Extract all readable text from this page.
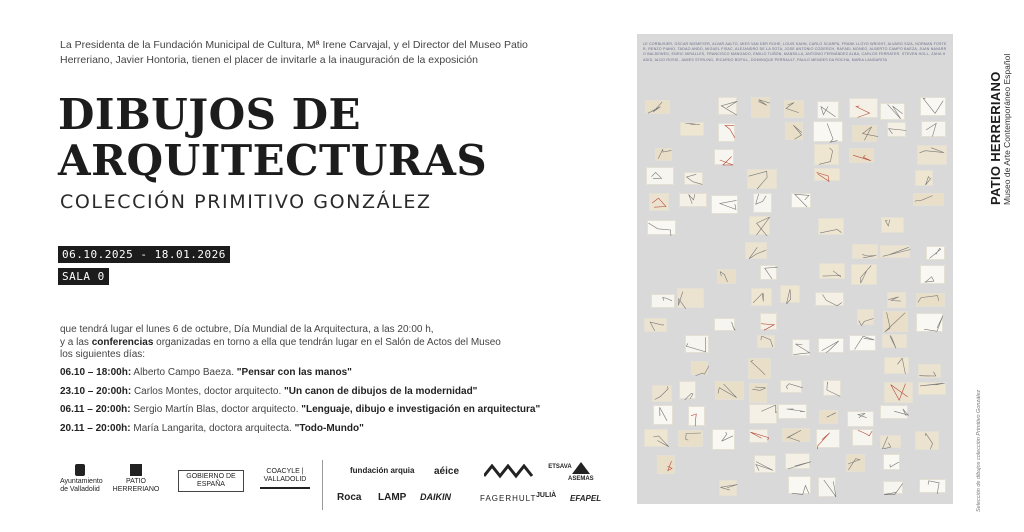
La Presidenta de la Fundación Municipal de Cultura, Mª Irene Carvajal, y el Director del Museo Patio Herreriano, Javier Hontoria, tienen el placer de invitarle a la inauguración de la exposición
DIBUJOS DE
ARQUITECTURAS
COLECCIÓN PRIMITIVO GONZÁLEZ
06.10.2025 - 18.01.2026
SALA 0
que tendrá lugar el lunes 6 de octubre, Día Mundial de la Arquitectura, a las 20:00 h,
y a las conferencias organizadas en torno a ella que tendrán lugar en el Salón de Actos del Museo
los siguientes días:
06.10 – 18:00h: Alberto Campo Baeza. "Pensar con las manos"
23.10 – 20:00h: Carlos Montes, doctor arquitecto. "Un canon de dibujos de la modernidad"
06.11 – 20:00h: Sergio Martín Blas, doctor arquitecto. "Lenguaje, dibujo e investigación en arquitectura"
20.11 – 20:00h: María Langarita, doctora arquitecta. "Todo-Mundo"
Ayuntamiento de Valladolid
PATIO HERRERIANO
GOBIERNO DE ESPAÑA
COACYLE | VALLADOLID
fundación arquia aéice	$^{ETSAVA}$
ASEMAS
Roca LAMP DAIKIN	FAGERHULT JULIÀ EFAPEL
LE CORBUSIER, OSCAR NIEMEYER, ALVAR AALTO, MIES VAN DER ROHE, LOUIS KAHN, CARLO SCARPA, FRANK LLOYD WRIGHT, ALVARO SIZA, NORMAN FOSTER, RENZO PIANO, TADAO ANDO, MIGUEL FISAC, ALEJANDRO DE LA SOTA, JOSE ANTONIO CODERCH, RAFAEL MONEO, ALBERTO CAMPO BAEZA, JUAN NAVARRO BALDEWEG, ENRIC MIRALLES, FRANCISCO MANGADO, EMILIO TUÑÓN, MANSILLA, ANTONIO FERNÁNDEZ ALBA, CARLOS FERRATER, STEVEN HOLL, ZAHA HADID, ALDO ROSSI, JAMES STIRLING, RICARDO BOFILL, DOMINIQUE PERRAULT, PAULO MENDES DA ROCHA, MARIA LANGARITA
PATIO HERRERIANO Museo de Arte Contemporáneo Español
Selección de dibujos colección Primitivo González
